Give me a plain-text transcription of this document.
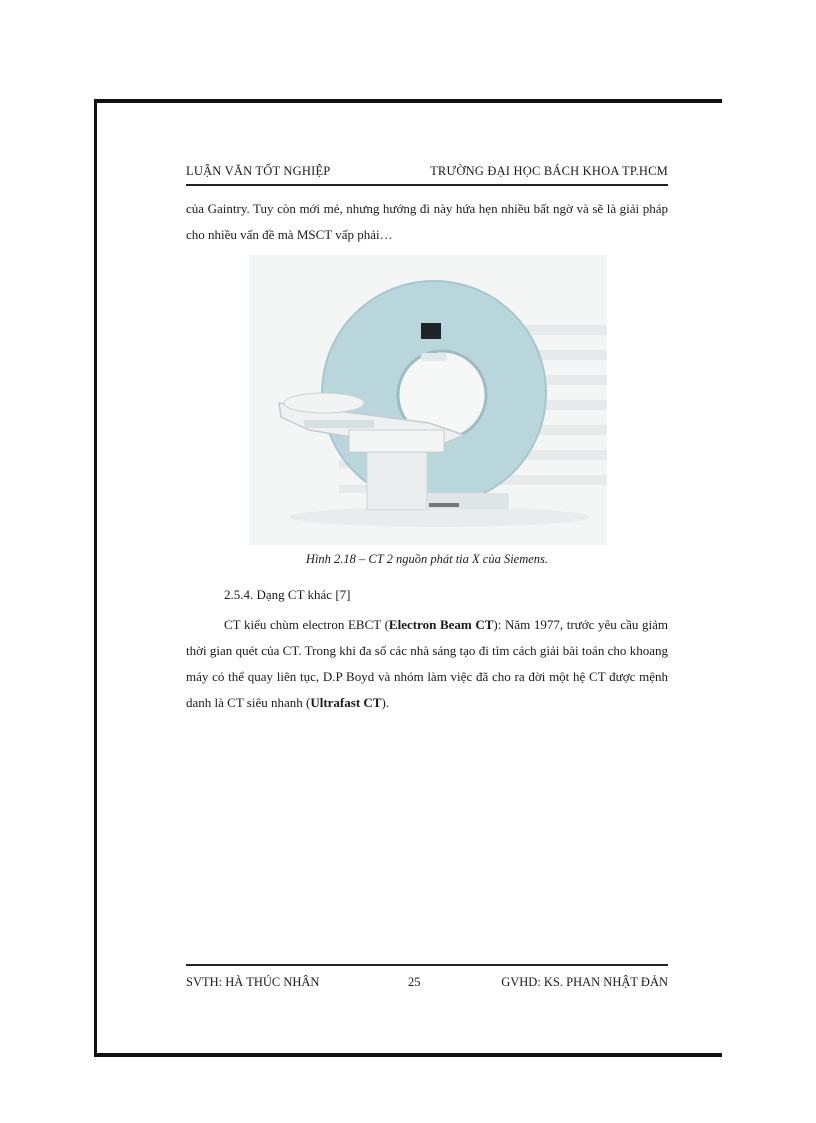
LUẬN VĂN TỐT NGHIỆP	TRƯỜNG ĐẠI HỌC BÁCH KHOA TP.HCM
của Gaintry. Tuy còn mới mẻ, nhưng hướng đi này hứa hẹn nhiều bất ngờ và sẽ là giải pháp cho nhiều vấn đề mà MSCT vấp phải…
Hình 2.18 – CT 2 nguồn phát tia X của Siemens.
2.5.4. Dạng CT khác [7]
CT kiểu chùm electron EBCT (Electron Beam CT): Năm 1977, trước yêu cầu giảm thời gian quét của CT. Trong khi đa số các nhà sáng tạo đi tìm cách giải bài toán cho khoang máy có thể quay liên tục, D.P Boyd và nhóm làm việc đã cho ra đời một hệ CT được mệnh danh là CT siêu nhanh (Ultrafast CT).
SVTH: HÀ THÚC NHÂN	25	GVHD: KS. PHAN NHẬT ĐẢN
